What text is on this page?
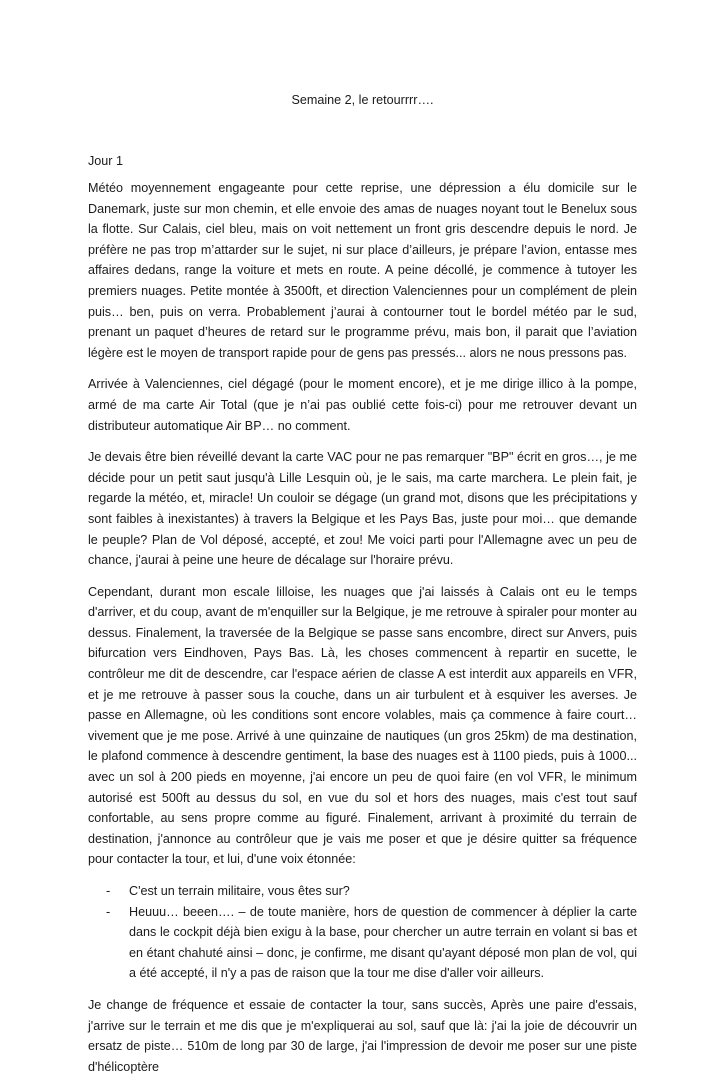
Semaine 2, le retourrrr….
Jour 1

Météo moyennement engageante pour cette reprise, une dépression a élu domicile sur le Danemark, juste sur mon chemin, et elle envoie des amas de nuages noyant tout le Benelux sous la flotte. Sur Calais, ciel bleu, mais on voit nettement un front gris descendre depuis le nord. Je préfère ne pas trop m’attarder sur le sujet, ni sur place d’ailleurs, je prépare l’avion, entasse mes affaires dedans, range la voiture et mets en route. A peine décollé, je commence à tutoyer les premiers nuages. Petite montée à 3500ft, et direction Valenciennes pour un complément de plein puis… ben, puis on verra. Probablement j’aurai à contourner tout le bordel météo par le sud, prenant un paquet d’heures de retard sur le programme prévu, mais bon, il parait que l’aviation légère est le moyen de transport rapide pour de gens pas pressés... alors ne nous pressons pas.

Arrivée à Valenciennes, ciel dégagé (pour le moment encore), et je me dirige illico à la pompe, armé de ma carte Air Total (que je n’ai pas oublié cette fois-ci) pour me retrouver devant un distributeur automatique Air BP… no comment.

Je devais être bien réveillé devant la carte VAC pour ne pas remarquer "BP" écrit en gros…, je me décide pour un petit saut jusqu'à Lille Lesquin où, je le sais, ma carte marchera. Le plein fait, je regarde la météo, et, miracle! Un couloir se dégage (un grand mot, disons que les précipitations y sont faibles à inexistantes) à travers la Belgique et les Pays Bas, juste pour moi… que demande le peuple? Plan de Vol déposé, accepté, et zou! Me voici parti pour l'Allemagne avec un peu de chance, j'aurai à peine une heure de décalage sur l'horaire prévu.

Cependant, durant mon escale lilloise, les nuages que j'ai laissés à Calais ont eu le temps d'arriver, et du coup, avant de m'enquiller sur la Belgique, je me retrouve à spiraler pour monter au dessus. Finalement, la traversée de la Belgique se passe sans encombre, direct sur Anvers, puis bifurcation vers Eindhoven, Pays Bas. Là, les choses commencent à repartir en sucette, le contrôleur me dit de descendre, car l'espace aérien de classe A est interdit aux appareils en VFR, et je me retrouve à passer sous la couche, dans un air turbulent et à esquiver les averses. Je passe en Allemagne, où les conditions sont encore volables, mais ça commence à faire court… vivement que je me pose. Arrivé à une quinzaine de nautiques (un gros 25km) de ma destination, le plafond commence à descendre gentiment, la base des nuages est à 1100 pieds, puis à 1000... avec un sol à 200 pieds en moyenne, j'ai encore un peu de quoi faire (en vol VFR, le minimum autorisé est 500ft au dessus du sol, en vue du sol et hors des nuages, mais c'est tout sauf confortable, au sens propre comme au figuré. Finalement, arrivant à proximité du terrain de destination, j'annonce au contrôleur que je vais me poser et que je désire quitter sa fréquence pour contacter la tour, et lui, d'une voix étonnée:

- C'est un terrain militaire, vous êtes sur?
- Heuuu… beeen…. – de toute manière, hors de question de commencer à déplier la carte dans le cockpit déjà bien exigu à la base, pour chercher un autre terrain en volant si bas et en étant chahuté ainsi – donc, je confirme, me disant qu'ayant déposé mon plan de vol, qui a été accepté, il n'y a pas de raison que la tour me dise d'aller voir ailleurs.

Je change de fréquence et essaie de contacter la tour, sans succès, Après une paire d'essais, j'arrive sur le terrain et me dis que je m'expliquerai au sol, sauf que là: j'ai la joie de découvrir un ersatz de piste… 510m de long par 30 de large, j'ai l'impression de devoir me poser sur une piste d'hélicoptère
